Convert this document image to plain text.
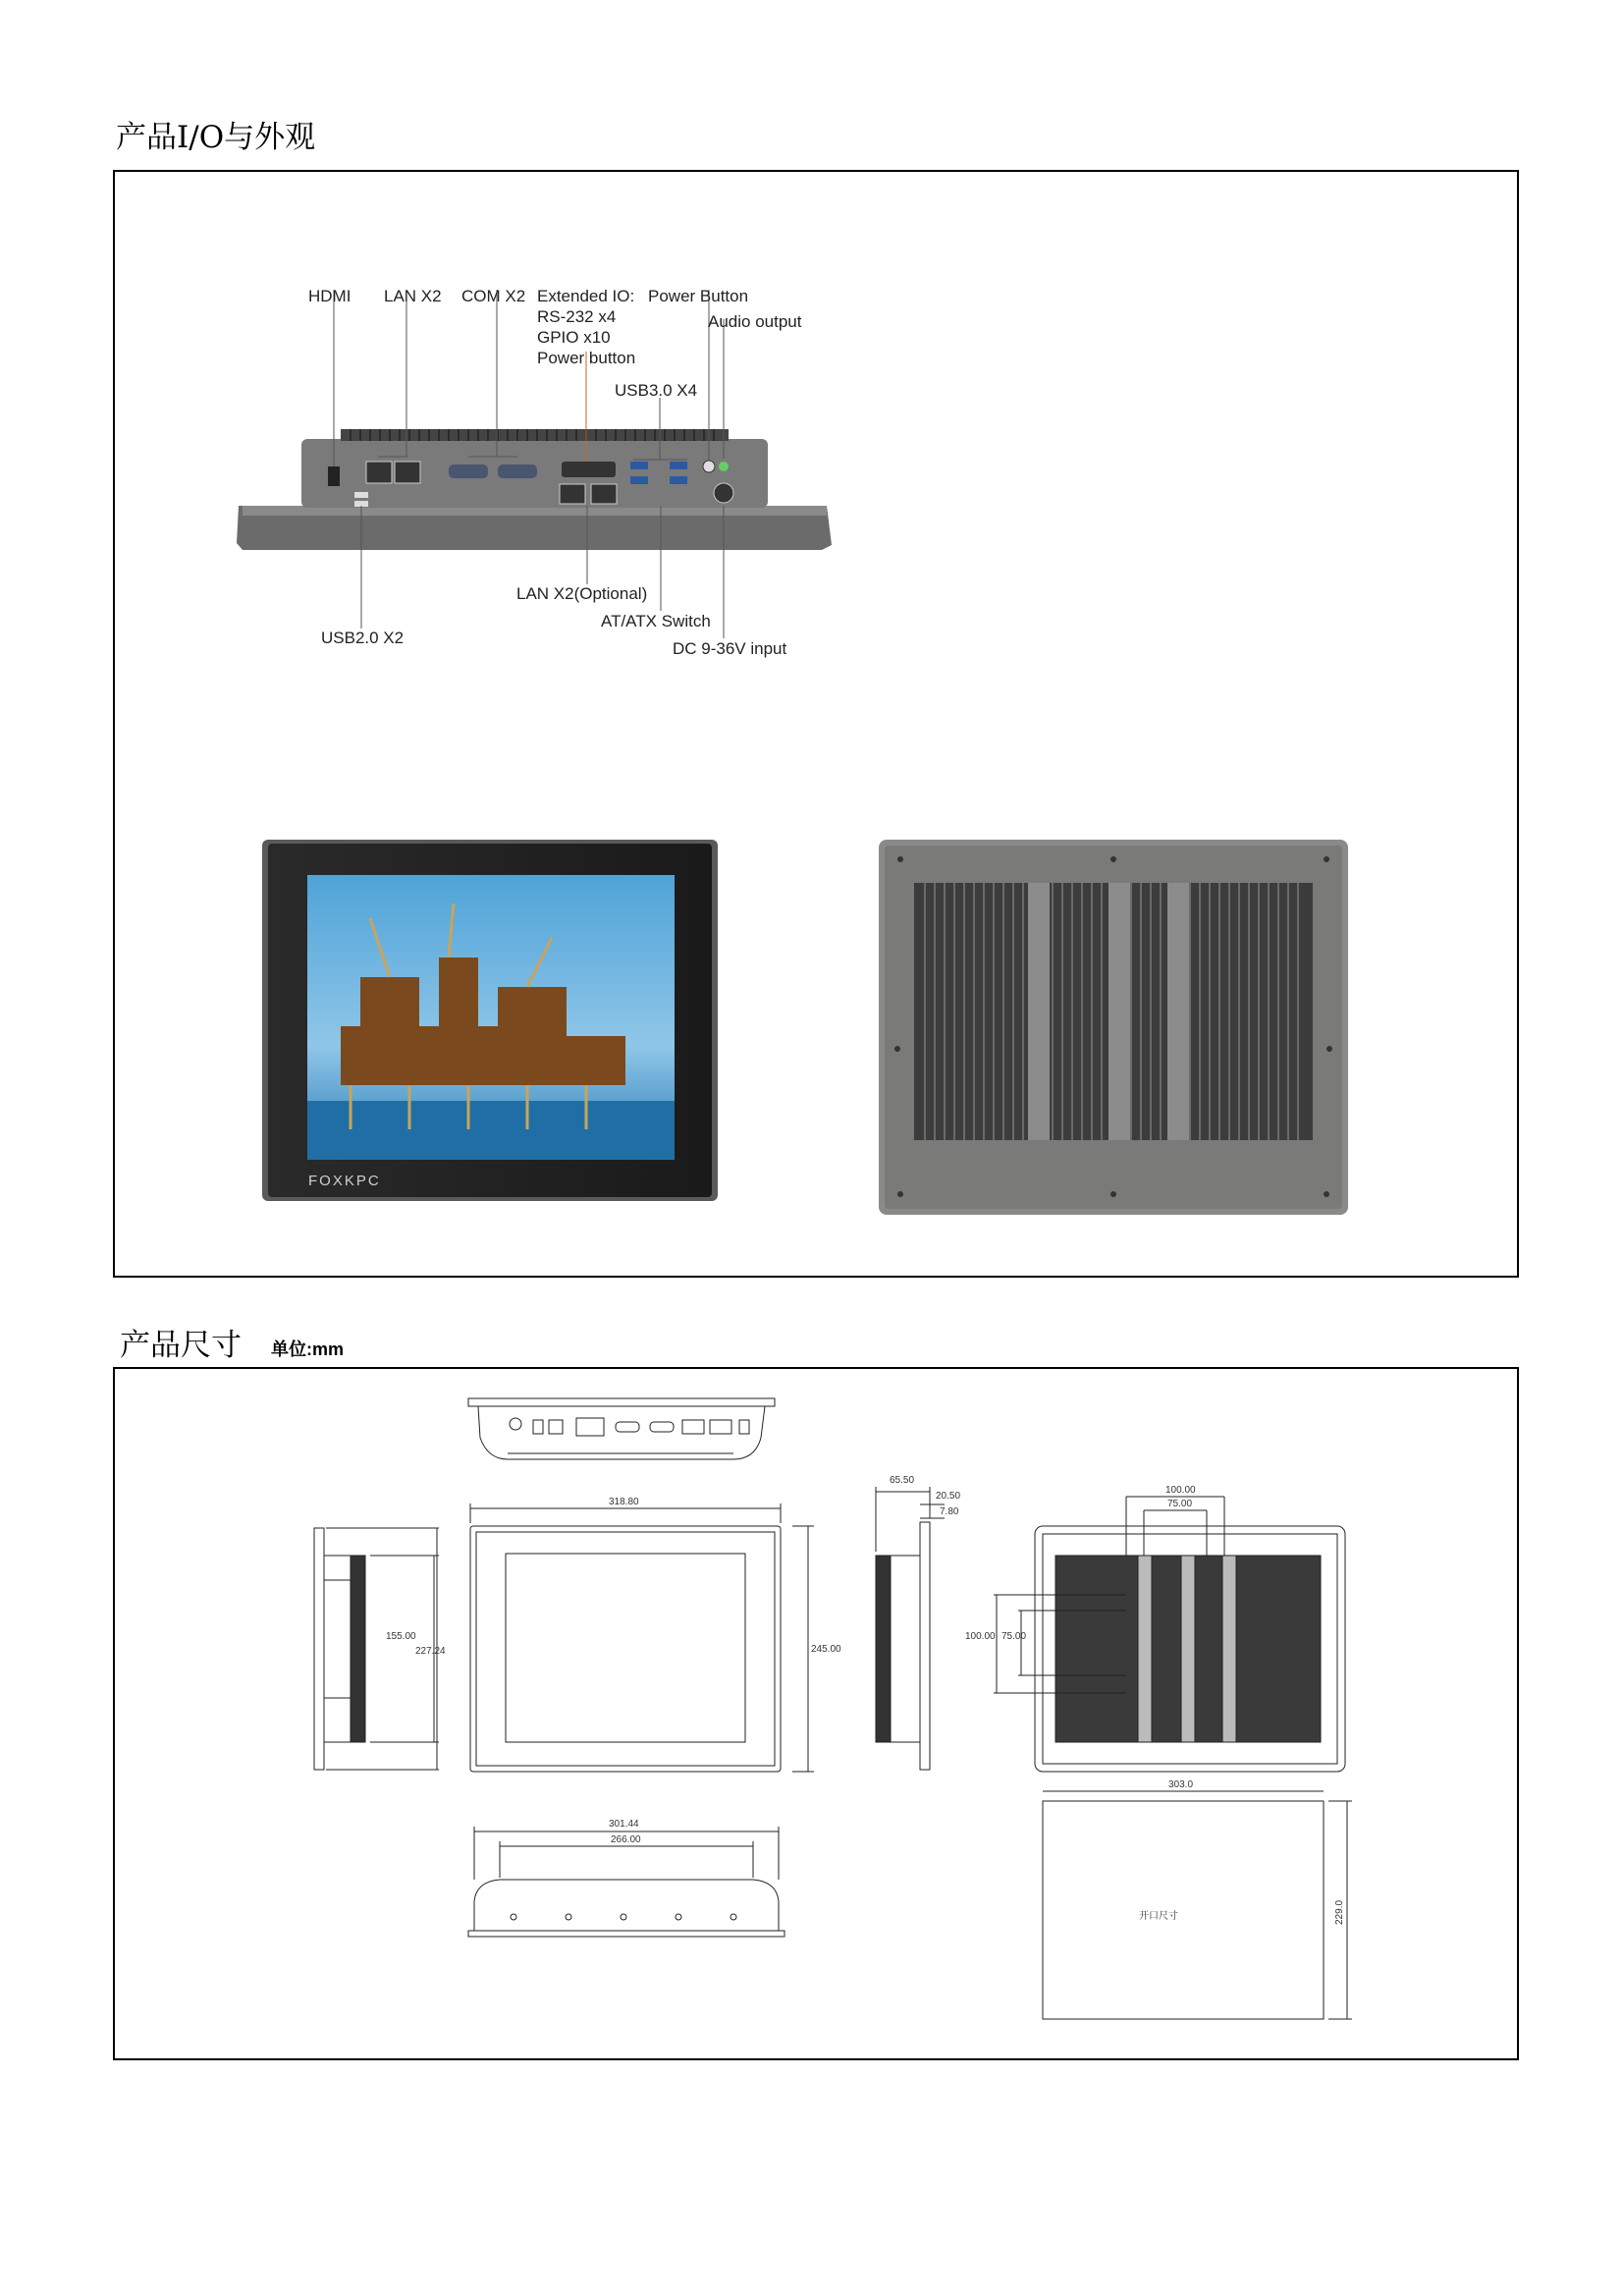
产品I/O与外观
HDMI LAN X2 COM X2 Extended IO:
RS-232 x4
GPIO x10
Power button
Power Button
Audio output
USB3.0 X4
USB2.0 X2
LAN X2(Optional)
AT/ATX Switch
DC 9-36V input
FOXKPC
产品尺寸 单位:mm
65.50
20.50
7.80
318.80
245.00
155.00
227.24
100.00
75.00
100.00 75.00
301.44
266.00
303.0
229.0
开口尺寸
